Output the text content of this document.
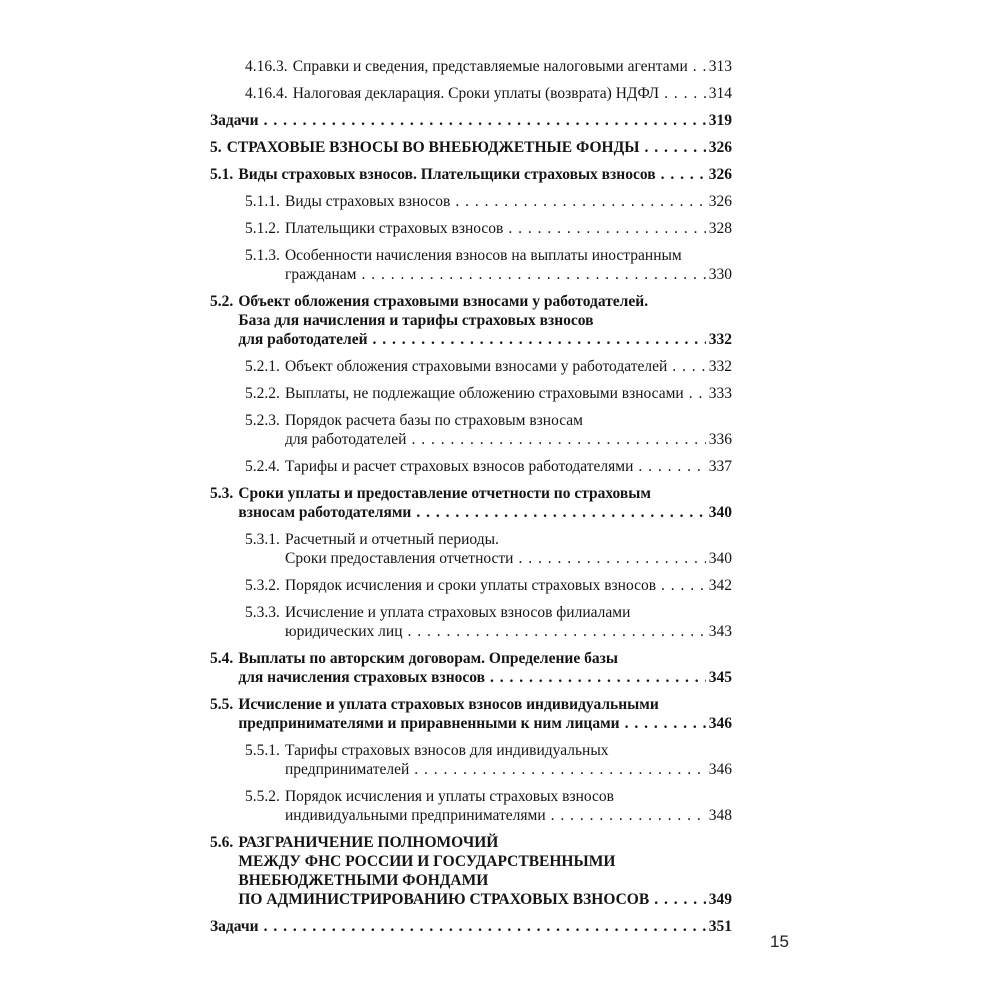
4.16.3. Справки и сведения, представляемые налоговыми агентами . . . 313
4.16.4. Налоговая декларация. Сроки уплаты (возврата) НДФЛ . . .	314
Задачи . . .	319
5. СТРАХОВЫЕ ВЗНОСЫ ВО ВНЕБЮДЖЕТНЫЕ ФОНДЫ . . .	326
5.1. Виды страховых взносов. Плательщики страховых взносов . . .	326
5.1.1. Виды страховых взносов . . .	326
5.1.2. Плательщики страховых взносов . . .	328
5.1.3. Особенности начисления взносов на выплаты иностранным
гражданам . . .	330
5.2. Объект обложения страховыми взносами у работодателей.
База для начисления и тарифы страховых взносов
для работодателей . . .	332
5.2.1. Объект обложения страховыми взносами у работодателей . . .	332
5.2.2. Выплаты, не подлежащие обложению страховыми взносами . . . 333
5.2.3. Порядок расчета базы по страховым взносам
для работодателей . . .	336
5.2.4. Тарифы и расчет страховых взносов работодателями . . .	337
5.3. Сроки уплаты и предоставление отчетности по страховым
взносам работодателями . . .	340
5.3.1. Расчетный и отчетный периоды.
Сроки предоставления отчетности . . .	340
5.3.2. Порядок исчисления и сроки уплаты страховых взносов . . .	342
5.3.3. Исчисление и уплата страховых взносов филиалами
юридических лиц . . .	343
5.4. Выплаты по авторским договорам. Определение базы
для начисления страховых взносов . . .	345
5.5. Исчисление и уплата страховых взносов индивидуальными
предпринимателями и приравненными к ним лицами . . .	346
5.5.1. Тарифы страховых взносов для индивидуальных
предпринимателей . . .	346
5.5.2. Порядок исчисления и уплаты страховых взносов
индивидуальными предпринимателями . . .	348
5.6. РАЗГРАНИЧЕНИЕ ПОЛНОМОЧИЙ
МЕЖДУ ФНС РОССИИ И ГОСУДАРСТВЕННЫМИ
ВНЕБЮДЖЕТНЫМИ ФОНДАМИ
ПО АДМИНИСТРИРОВАНИЮ СТРАХОВЫХ ВЗНОСОВ . . .	349
Задачи . . .	351
15
